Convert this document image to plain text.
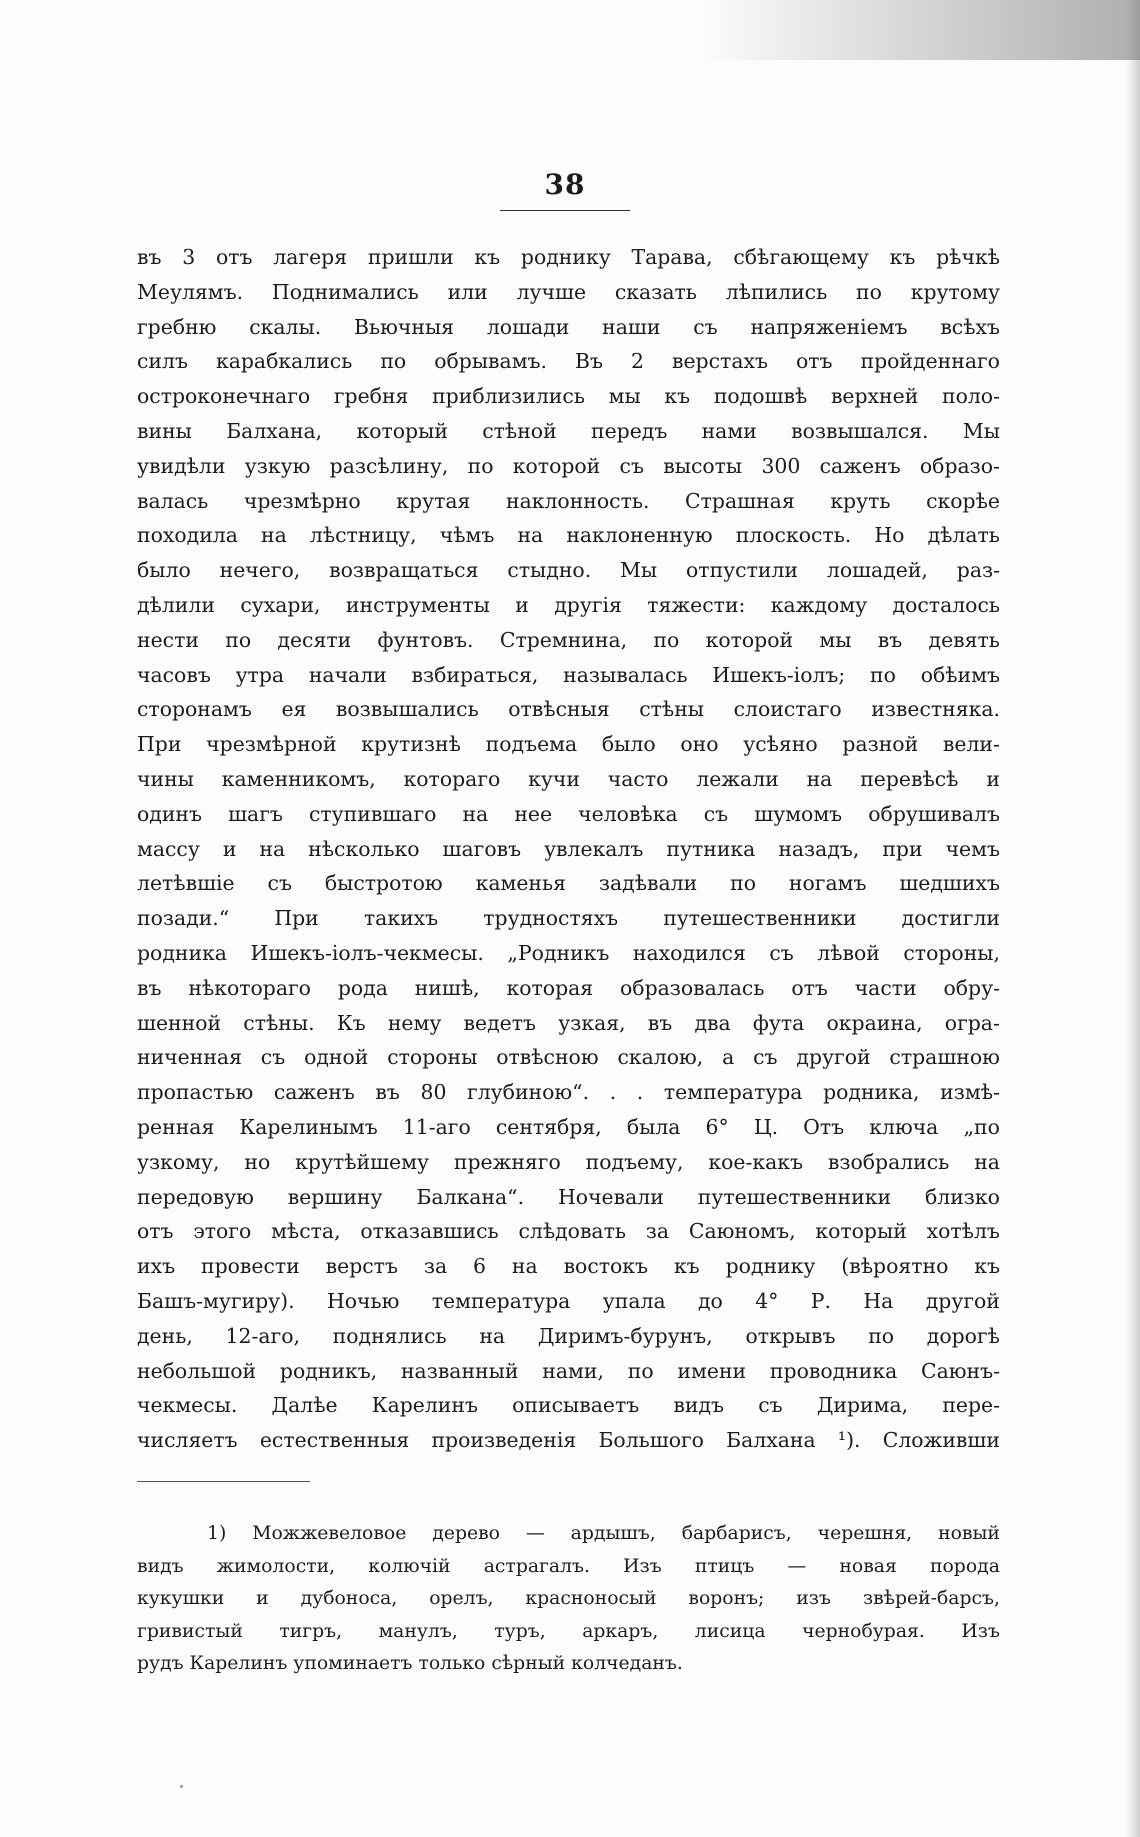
38
въ 3 отъ лагеря пришли къ роднику Тарава, сбѣгающему къ рѣчкѣ
Меулямъ. Поднимались или лучше сказать лѣпились по крутому
гребню скалы. Вьючныя лошади наши съ напряженіемъ всѣхъ
силъ карабкались по обрывамъ. Въ 2 верстахъ отъ пройденнаго
остроконечнаго гребня приблизились мы къ подошвѣ верхней поло-
вины Балхана, который стѣной передъ нами возвышался. Мы
увидѣли узкую разсѣлину, по которой съ высоты 300 саженъ образо-
валась чрезмѣрно крутая наклонность. Страшная круть скорѣе
походила на лѣстницу, чѣмъ на наклоненную плоскость. Но дѣлать
было нечего, возвращаться стыдно. Мы отпустили лошадей, раз-
дѣлили сухари, инструменты и другія тяжести: каждому досталось
нести по десяти фунтовъ. Стремнина, по которой мы въ девять
часовъ утра начали взбираться, называлась Ишекъ-іолъ; по обѣимъ
сторонамъ ея возвышались отвѣсныя стѣны слоистаго известняка.
При чрезмѣрной крутизнѣ подъема было оно усѣяно разной вели-
чины каменникомъ, котораго кучи часто лежали на перевѣсѣ и
одинъ шагъ ступившаго на нее человѣка съ шумомъ обрушивалъ
массу и на нѣсколько шаговъ увлекалъ путника назадъ, при чемъ
летѣвшіе съ быстротою каменья задѣвали по ногамъ шедшихъ
позади.“ При такихъ трудностяхъ путешественники достигли
родника Ишекъ-іолъ-чекмесы. „Родникъ находился съ лѣвой стороны,
въ нѣкотораго рода нишѣ, которая образовалась отъ части обру-
шенной стѣны. Къ нему ведетъ узкая, въ два фута окраина, огра-
ниченная съ одной стороны отвѣсною скалою, а съ другой страшною
пропастью саженъ въ 80 глубиною“. . . температура родника, измѣ-
ренная Карелинымъ 11-аго сентября, была 6° Ц. Отъ ключа „по
узкому, но крутѣйшему прежняго подъему, кое-какъ взобрались на
передовую вершину Балкана“. Ночевали путешественники близко
отъ этого мѣста, отказавшись слѣдовать за Саюномъ, который хотѣлъ
ихъ провести верстъ за 6 на востокъ къ роднику (вѣроятно къ
Башъ-мугиру). Ночью температура упала до 4° Р. На другой
день, 12-аго, поднялись на Диримъ-бурунъ, открывъ по дорогѣ
небольшой родникъ, названный нами, по имени проводника Саюнъ-
чекмесы. Далѣе Карелинъ описываетъ видъ съ Дирима, пере-
числяетъ естественныя произведенія Большого Балхана ¹). Сложивши
1) Можжевеловое дерево — ардышъ, барбарисъ, черешня, новый
видъ жимолости, колючій астрагалъ. Изъ птицъ — новая порода
кукушки и дубоноса, орелъ, красноносый воронъ; изъ звѣрей-барсъ,
гривистый тигръ, манулъ, туръ, аркаръ, лисица чернобурая. Изъ
рудъ Карелинъ упоминаетъ только сѣрный колчеданъ.
